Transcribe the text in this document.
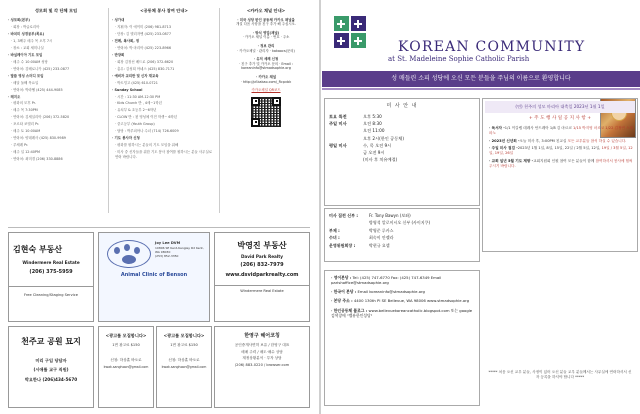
성모회 및 각 단체 모임
· 성모회(본부)
· 회장 : 박글로리아
· 바치미 성경공부(목요)
· 1, 3째주 매주 목 오후 7시
· 장소 : 교회 세미나실
· 바실레이아 기도 모임
· 매주 수 10:00AM 성당
· 연락처: 김베로니카 (425) 233-0877
· 말씀 영성 스터디 모임
· 매달 둘째 목요일
· 연락처: 박라헬 (425) 444-9085
· 레지오
· 평화의 모후 Pr.
· 매주 목 7:30PM
· 연락처: 김세실리아 (206) 372-5820
· 포르타 코엘리 Pr.
· 매주 토 10:00AM
· 연락처: 양데레사 (425) 830-9989
· 루체레 Pr.
· 매주 일 12:40PM
· 연락처: 최미경 (206) 330-8886
<공동체 봉사 참여 안내>
· 성가대
· 지휘자: 이 에이미 (206) 981-8713
· 단장: 김 엘리자벳 (425) 233-0877
· 전례, 복사회, 정
· 연락처: 박 마리아 (425) 223-8966
· 반장회
· 회장 김정선 베드로 (206) 372-6620
· 총무: 김성희 아녜스 (425) 830-7171
· 예비자 교리반 및 신자 재교육
· 박도밍고 (425) 610-0721
· Sunday School
· 시간 : 11:30 AM-12:30 PM
· Kids Church 반 , 4세~1학년
· 유치부 & 초등부 2~6학년
· CLOW 반 : 첫 영성체 이전 학생~ 6학년
· 중고등부 (Youth Group)
· 담당 : 박루피아나 수녀 (714) 726-6009
· 기도 봉사자 신청
· 평화를 원하시는 분들의 기도 모임을 위해
· 미사 중 신자들을 위한 기도 봉사 참여를 원하시는 분들 사무실로 연락 바랍니다.
<카카오 채널 안내>
· 미국 성당 한인 공동체 카카오 채널을
개설 다음 사항을 친구 추가 해 주십시오.
· 방식 영업(채널)
· 카카오 채널 이름 · 번호 · 주소
· 정보 관리
· 카카오채널 · 관리자 · kakaocs(문의)
· 유저 세례 신청
· 친구 추가 및 카카오 문의 · Email : koreaninfo@stmadsophie.org
· 카카오 채널
· http://pf.kakao.com/_Rcpvbk
카카오채널 QR코드
김현숙 부동산
Windermere Real Estate
(206) 375-5959
Free Cleaning/Staging Service
Joy Lee DVM
10806 SE Kent-Kangley Rd Kent, WA 98030
(253) 852-3350
Animal Clinic of Benson
박영진 부동산
David Park Realty
(206) 832-7979
www.dsvidparkrealty.com
Windermere Real Estate
천주교 공원 묘지
미리 구입 당담자
(시애틀 교구 직원)
박요한나 (206)434-5670
<광고를 모집합니다>
1면 광고료 $150
신청: 하상훈 바오로
kwak.sanghoon@gmail.com
<광고를 모집합니다>
1면 광고료 $150
신청: 하상훈 바오로
kwak.sanghoon@gmail.com
한영구 헤어코칭
공인중개사면허 보유 / 한영구 대표
매매 주력 / 매도·매수 상담
재정상황분석 · 투자 상담
(206) 883-0220 / browser.com
KOREAN COMMUNITY
at St. Madeleine Sophie Catholic Parish
성 매들린 소피 성당에 오신 모든 분들을 주님의 이름으로 환영합니다
미 사 안 내
토요 특전	오후 5:30
주일 미사	오전 8:30
오전 11:00
오후 2시(한인 공동체)
평일 미사	수, 목 오전 9시
금 오전 9시
(미사 후 치유예절)
(연) 천주의 성모 마리아 대축일 2023년 1월 1일
+ 주 도 행 사 일 공 지 사 항 +
· 독서자 -1/1 이갈렙 데레사 안드레아 1/8 김 마르코 1/15 박지영 마르코 1/22 김정연 스테파노
· 2023년 신년회 -오늘 미사 후, 3:00PM 친교실 모든 교우분들 참석 하실 수 있습니다.
· 주일 미사 점검 -2023년 1월 1일, 8일, 15일, 22일 / 2월 5일, 12일, 19일 / 3월 5일, 12일, 19일, 26일
· 교회 일년 5월 기도 제향 -교회지원회 인원 참여 모든 분들이 함께 참여하셔서 봉사에 힘써 주시기 바랍니다.
미사 집전 신부 :	Fr. Tony Bawyn (보좌)
방영석 알로이시오 신부 (사이지쿠)
부제 :	박영준 루카스
수녀 :	최숙이 안젤라
운영위원회장 :	박현규 요셉
· 영어본당 : Tel: (425) 747-6770 Fax: (425) 747-6349 Email parishoffice@stmadsophie.org
· 한국어 본당 : Email koreaninfo@stmadsophie.org
· 본당 주소 : 4400 130th Pl SE Bellevue, WA 98006 www.stmadsophie.org
· 한인공동체 블로그 : www.bellevuekoreancatholic.blogspot.com 또는 google 검색창에 "벨뷰한인성당"
***** 처음 오신 교우 분들, 사정이 있어 오신 분들 교우 분들께서는 사무실에 연락하셔서 신자 등록을 하셔야 합니다 *****
